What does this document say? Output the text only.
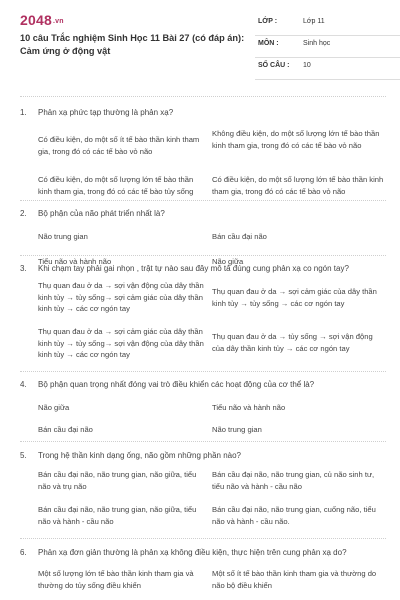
2048.vn
10 câu Trắc nghiệm Sinh Học 11 Bài 27 (có đáp án): Cảm ứng ở động vật
LỚP :	Lớp 11
MÔN :	Sinh học
SỐ CÂU : 10
1. Phản xạ phức tạp thường là phản xạ?
Có điều kiện, do một số ít tế bào thần kinh tham gia, trong đó có các tế bào vỏ não
Không điều kiện, do một số lượng lớn tế bào thần kinh tham gia, trong đó có các tế bào vỏ não
Có điều kiện, do một số lượng lớn tế bào thần kinh tham gia, trong đó có các tế bào tủy sống
Có điều kiện, do một số lượng lớn tế bào thần kinh tham gia, trong đó có các tế bào vỏ não
2. Bộ phận của não phát triển nhất là?
Não trung gian	Bán cầu đại não
Tiểu não và hành não	Não giữa
3. Khi chạm tay phải gai nhọn , trật tự nào sau đây mô tả đúng cung phản xạ co ngón tay?
Thụ quan đau ở da → sợi vận động của dây thần kinh tủy → tủy sống→ sợi cảm giác của dây thần kinh tủy → các cơ ngón tay
Thụ quan đau ở da → sợi cảm giác của dây thần kinh tủy → tủy sống → các cơ ngón tay
Thụ quan đau ở da → sợi cảm giác của dây thần kinh tủy → tủy sống→ sợi vận động của dây thần kinh tủy → các cơ ngón tay
Thụ quan đau ở da → tủy sống → sợi vận động của dây thần kinh tủy → các cơ ngón tay
4. Bộ phận quan trọng nhất đóng vai trò điều khiển các hoạt động của cơ thể là?
Não giữa	Tiểu não và hành não
Bán cầu đại não	Não trung gian
5. Trong hệ thần kinh dạng ống, não gồm những phần nào?
Bán cầu đại não, não trung gian, não giữa, tiểu não và trụ não
Bán cầu đại não, não trung gian, củ não sinh tư, tiểu não và hành - cầu não
Bán cầu đại não, não trung gian, não giữa, tiểu não và hành - cầu não
Bán cầu đại não, não trung gian, cuống não, tiểu não và hành - cầu não.
6. Phản xạ đơn giản thường là phản xạ không điều kiện, thực hiện trên cung phản xạ do?
Một số lượng lớn tế bào thần kinh tham gia và thường do tủy sống điều khiển
Một số ít tế bào thần kinh tham gia và thường do não bộ điều khiển
